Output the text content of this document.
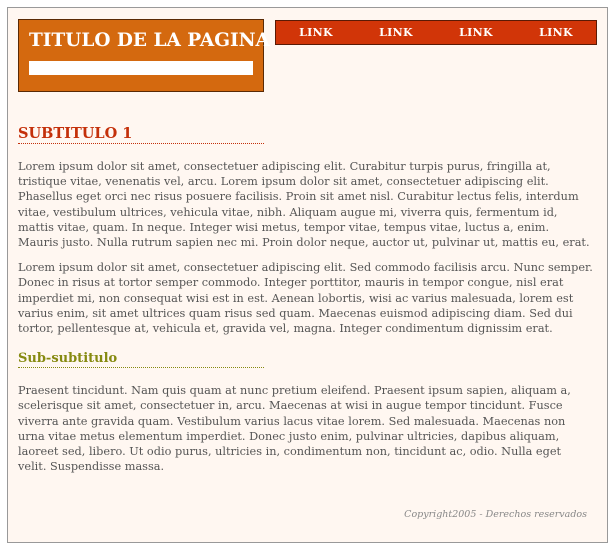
TITULO DE LA PAGINA	LINK	LINK	LINK	LINK
SUBTITULO 1

Lorem ipsum dolor sit amet, consectetuer adipiscing elit. Curabitur turpis purus, fringilla at, tristique vitae, venenatis vel, arcu. Lorem ipsum dolor sit amet, consectetuer adipiscing elit. Phasellus eget orci nec risus posuere facilisis. Proin sit amet nisl. Curabitur lectus felis, interdum vitae, vestibulum ultrices, vehicula vitae, nibh. Aliquam augue mi, viverra quis, fermentum id, mattis vitae, quam. In neque. Integer wisi metus, tempor vitae, tempus vitae, luctus a, enim. Mauris justo. Nulla rutrum sapien nec mi. Proin dolor neque, auctor ut, pulvinar ut, mattis eu, erat.

Lorem ipsum dolor sit amet, consectetuer adipiscing elit. Sed commodo facilisis arcu. Nunc semper. Donec in risus at tortor semper commodo. Integer porttitor, mauris in tempor congue, nisl erat imperdiet mi, non consequat wisi est in est. Aenean lobortis, wisi ac varius malesuada, lorem est varius enim, sit amet ultrices quam risus sed quam. Maecenas euismod adipiscing diam. Sed dui tortor, pellentesque at, vehicula et, gravida vel, magna. Integer condimentum dignissim erat.

Sub-subtitulo

Praesent tincidunt. Nam quis quam at nunc pretium eleifend. Praesent ipsum sapien, aliquam a, scelerisque sit amet, consectetuer in, arcu. Maecenas at wisi in augue tempor tincidunt. Fusce viverra ante gravida quam. Vestibulum varius lacus vitae lorem. Sed malesuada. Maecenas non urna vitae metus elementum imperdiet. Donec justo enim, pulvinar ultricies, dapibus aliquam, laoreet sed, libero. Ut odio purus, ultricies in, condimentum non, tincidunt ac, odio. Nulla eget velit. Suspendisse massa.

Copyright2005 - Derechos reservados
